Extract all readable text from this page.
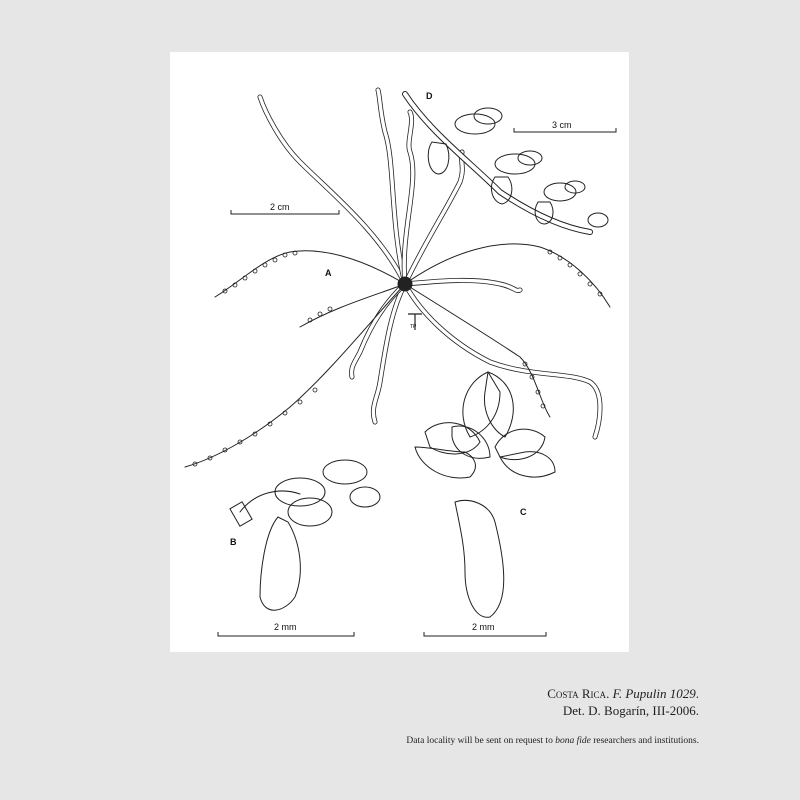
TP
A
B
C
D
2 cm
3 cm
2 mm	2 mm
Costa Rica. F. Pupulin 1029.
Det. D. Bogarín, III-2006.
Data locality will be sent on request to bona fide researchers and institutions.
